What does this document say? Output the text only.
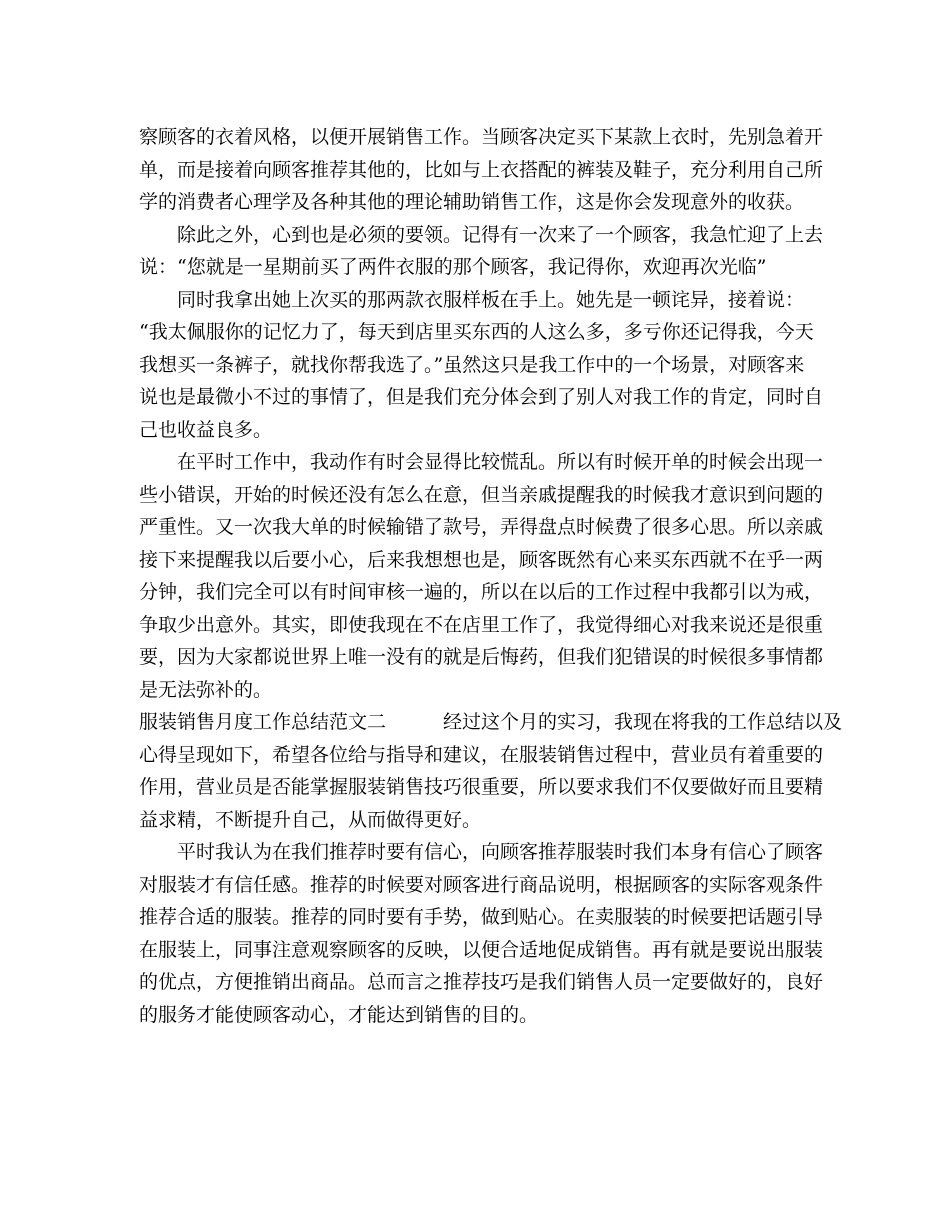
察顾客的衣着风格，以便开展销售工作。当顾客决定买下某款上衣时，先别急着开
单，而是接着向顾客推荐其他的，比如与上衣搭配的裤装及鞋子，充分利用自己所
学的消费者心理学及各种其他的理论辅助销售工作，这是你会发现意外的收获。
除此之外，心到也是必须的要领。记得有一次来了一个顾客，我急忙迎了上去
说：“您就是一星期前买了两件衣服的那个顾客，我记得你，欢迎再次光临”
同时我拿出她上次买的那两款衣服样板在手上。她先是一顿诧异，接着说：
“我太佩服你的记忆力了，每天到店里买东西的人这么多，多亏你还记得我，今天
我想买一条裤子，就找你帮我选了。”虽然这只是我工作中的一个场景，对顾客来
说也是最微小不过的事情了，但是我们充分体会到了别人对我工作的肯定，同时自
己也收益良多。
在平时工作中，我动作有时会显得比较慌乱。所以有时候开单的时候会出现一
些小错误，开始的时候还没有怎么在意，但当亲戚提醒我的时候我才意识到问题的
严重性。又一次我大单的时候输错了款号，弄得盘点时候费了很多心思。所以亲戚
接下来提醒我以后要小心，后来我想想也是，顾客既然有心来买东西就不在乎一两
分钟，我们完全可以有时间审核一遍的，所以在以后的工作过程中我都引以为戒，
争取少出意外。其实，即使我现在不在店里工作了，我觉得细心对我来说还是很重
要，因为大家都说世界上唯一没有的就是后悔药，但我们犯错误的时候很多事情都
是无法弥补的。
服装销售月度工作总结范文二　　　经过这个月的实习，我现在将我的工作总结以及
心得呈现如下，希望各位给与指导和建议，在服装销售过程中，营业员有着重要的
作用，营业员是否能掌握服装销售技巧很重要，所以要求我们不仅要做好而且要精
益求精，不断提升自己，从而做得更好。
平时我认为在我们推荐时要有信心，向顾客推荐服装时我们本身有信心了顾客
对服装才有信任感。推荐的时候要对顾客进行商品说明，根据顾客的实际客观条件
推荐合适的服装。推荐的同时要有手势，做到贴心。在卖服装的时候要把话题引导
在服装上，同事注意观察顾客的反映，以便合适地促成销售。再有就是要说出服装
的优点，方便推销出商品。总而言之推荐技巧是我们销售人员一定要做好的，良好
的服务才能使顾客动心，才能达到销售的目的。
